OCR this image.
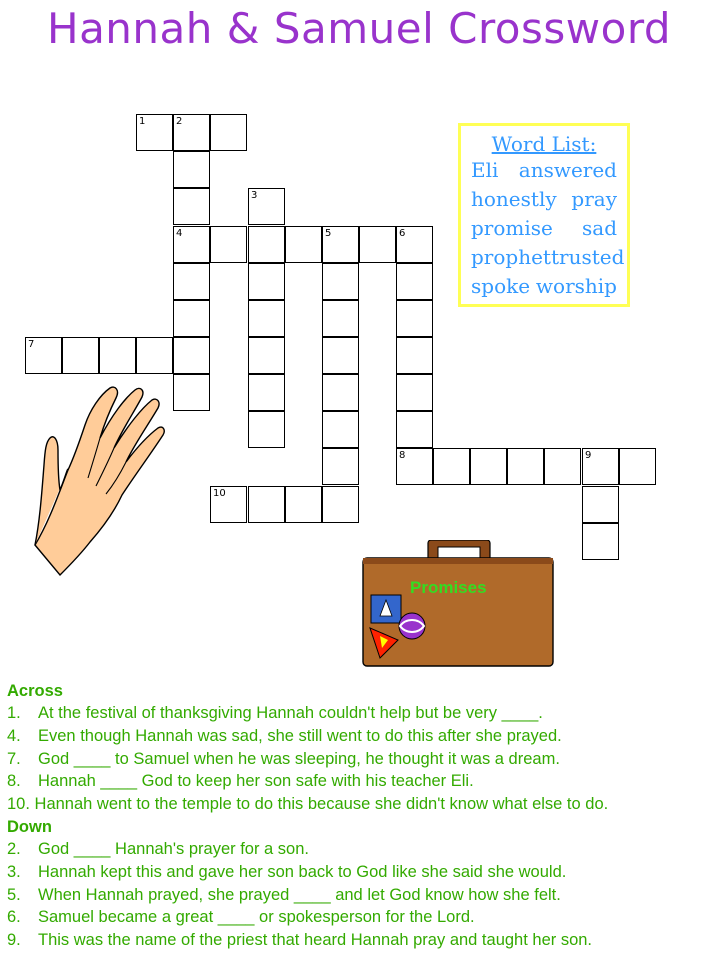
Hannah & Samuel Crossword
1	2
4
3
5	6
8
7
9
10
Word List:
Eli answered
honestly pray
promise sad
prophet trusted
spoke worship
Promises
Across
1.	At the festival of thanksgiving Hannah couldn't help but be very ____.
4.	Even though Hannah was sad, she still went to do this after she prayed.
7.	God ____ to Samuel when he was sleeping, he thought it was a dream.
8.	Hannah ____ God to keep her son safe with his teacher Eli.
10.
Hannah went to the temple to do this because she didn't know what else to do.
Down
2.	God ____ Hannah's prayer for a son.
3.	Hannah kept this and gave her son back to God like she said she would.
5.	When Hannah prayed, she prayed ____ and let God know how she felt.
6.	Samuel became a great ____ or spokesperson for the Lord.
9.	This was the name of the priest that heard Hannah pray and taught her son.
